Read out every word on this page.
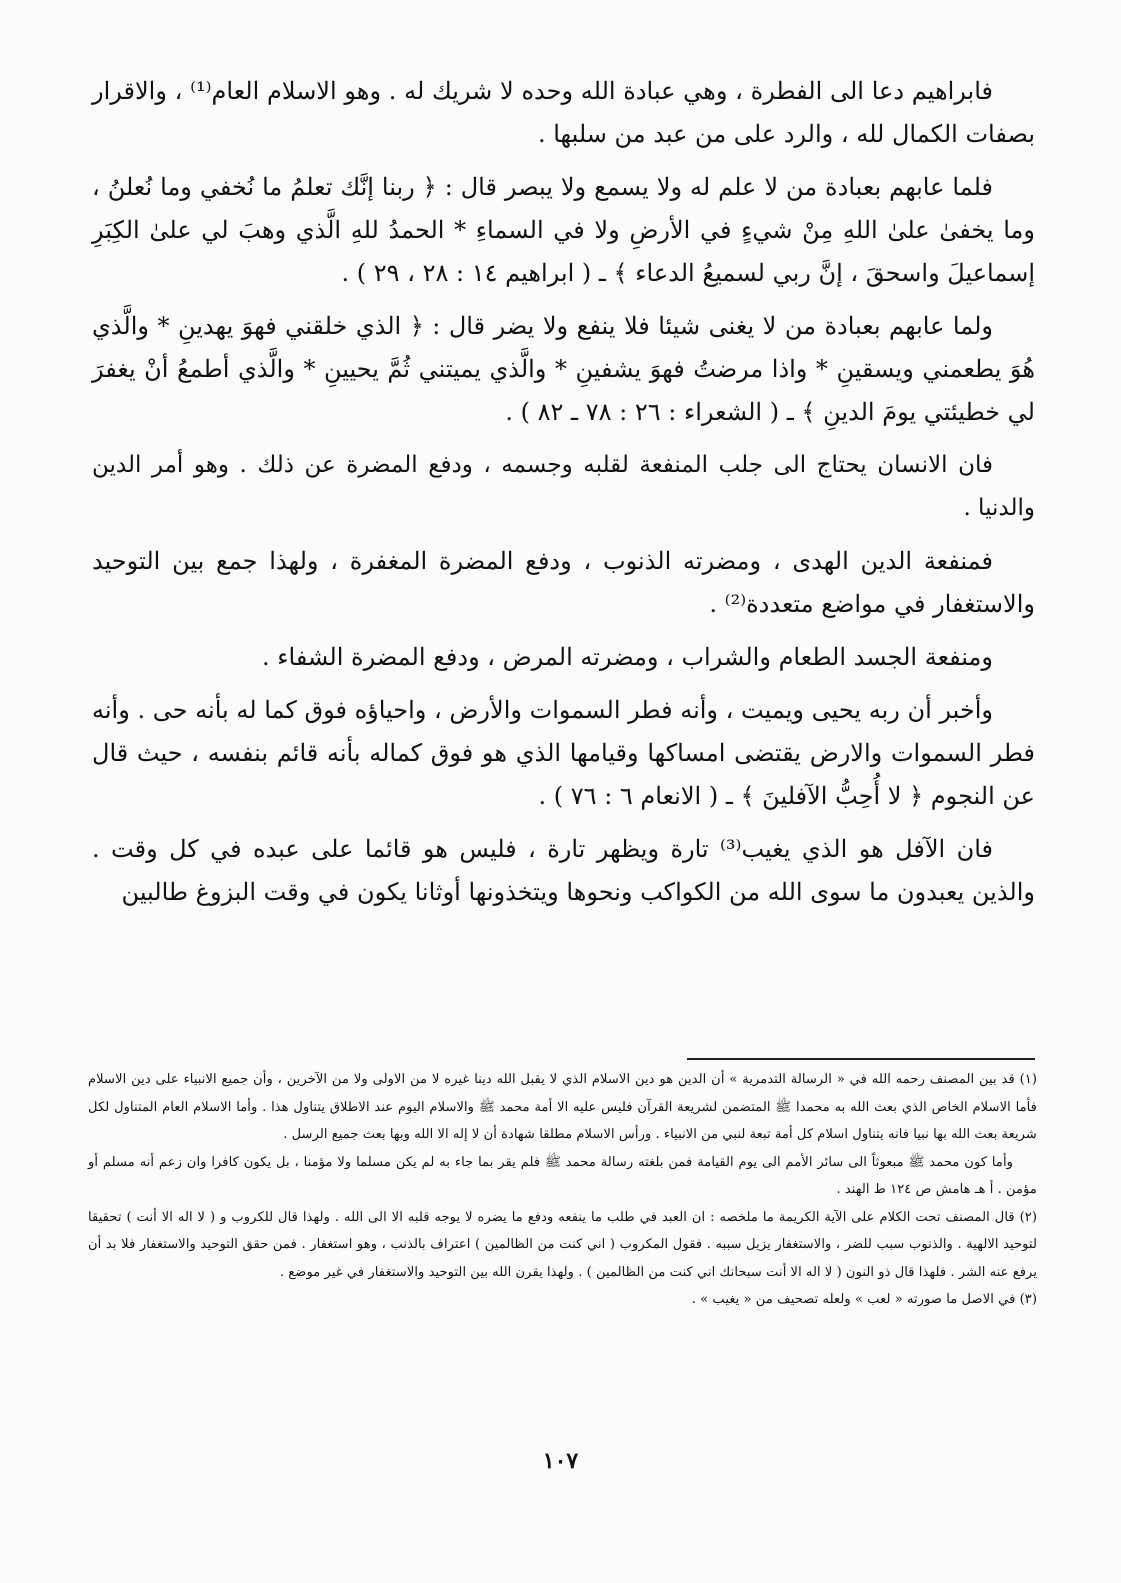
فابراهيم دعا الى الفطرة ، وهي عبادة الله وحده لا شريك له . وهو الاسلام العام⁽¹⁾ ، والاقرار بصفات الكمال لله ، والرد على من عبد من سلبها .

فلما عابهم بعبادة من لا علم له ولا يسمع ولا يبصر قال : ﴿ ربنا إنَّك تعلمُ ما نُخفي وما نُعلنُ ، وما يخفىٰ علىٰ اللهِ مِنْ شيءٍ في الأرضِ ولا في السماءِ * الحمدُ للهِ الَّذي وهبَ لي علىٰ الكِبَرِ إسماعيلَ واسحقَ ، إنَّ ربي لسميعُ الدعاء ﴾ ـ ( ابراهيم ١٤ : ٢٨ ، ٢٩ ) .

ولما عابهم بعبادة من لا يغنى شيئا فلا ينفع ولا يضر قال : ﴿ الذي خلقني فهوَ يهدينِ * والَّذي هُوَ يطعمني ويسقينِ * واذا مرضتُ فهوَ يشفينِ * والَّذي يميتني ثُمَّ يحيينِ * والَّذي أطمعُ أنْ يغفرَ لي خطيئتي يومَ الدينِ ﴾ ـ ( الشعراء : ٢٦ : ٧٨ ـ ٨٢ ) .

فان الانسان يحتاج الى جلب المنفعة لقلبه وجسمه ، ودفع المضرة عن ذلك . وهو أمر الدين والدنيا .

فمنفعة الدين الهدى ، ومضرته الذنوب ، ودفع المضرة المغفرة ، ولهذا جمع بين التوحيد والاستغفار في مواضع متعددة⁽²⁾ .

ومنفعة الجسد الطعام والشراب ، ومضرته المرض ، ودفع المضرة الشفاء .

وأخبر أن ربه يحيى ويميت ، وأنه فطر السموات والأرض ، واحياؤه فوق كما له بأنه حى . وأنه فطر السموات والارض يقتضى امساكها وقيامها الذي هو فوق كماله بأنه قائم بنفسه ، حيث قال عن النجوم ﴿ لا أُحِبُّ الآفلينَ ﴾ ـ ( الانعام ٦ : ٧٦ ) .

فان الآفل هو الذي يغيب⁽³⁾ تارة ويظهر تارة ، فليس هو قائما على عبده في كل وقت . والذين يعبدون ما سوى الله من الكواكب ونحوها ويتخذونها أوثانا يكون في وقت البزوغ طالبين

(١) قد بين المصنف رحمه الله في « الرسالة التدمرية » أن الدين هو دين الاسلام الذي لا يقبل الله دينا غيره لا من الاولى ولا من الآخرين ، وأن جميع الانبياء على دين الاسلام فأما الاسلام الخاص الذي بعث الله به محمدا ﷺ المتضمن لشريعة القرآن فليس عليه الا أمة محمد ﷺ والاسلام اليوم عند الاطلاق يتناول هذا . وأما الاسلام العام المتناول لكل شريعة بعث الله بها نبيا فانه يتناول اسلام كل أمة تبعة لنبي من الانبياء . ورأس الاسلام مطلقا شهادة أن لا إله الا الله وبها بعث جميع الرسل .

وأما كون محمد ﷺ مبعوثاً الى سائر الأمم الى يوم القيامة فمن بلغته رسالة محمد ﷺ فلم يقر بما جاء به لم يكن مسلما ولا مؤمنا ، بل يكون كافرا وان زعم أنه مسلم أو مؤمن . أ هـ هامش ص ١٢٤ ط الهند .

(٢) قال المصنف تحت الكلام على الآية الكريمة ما ملخصه : ان العبد في طلب ما ينفعه ودفع ما يضره لا يوجه قلبه الا الى الله . ولهذا قال للكروب و ( لا اله الا أنت ) تحقيقا لتوحيد الالهية . والذنوب سبب للضر ، والاستغفار يزيل سببه . فقول المكروب ( اني كنت من الظالمين ) اعتراف بالذنب ، وهو استغفار . فمن حقق التوحيد والاستغفار فلا بد أن يرفع عنه الشر . فلهذا قال ذو النون ( لا اله الا أنت سبحانك اني كنت من الظالمين ) . ولهذا يقرن الله بين التوحيد والاستغفار في غير موضع .

(٣) في الاصل ما صورته « لعب » ولعله تصحيف من « يغيب » .

١٠٧
